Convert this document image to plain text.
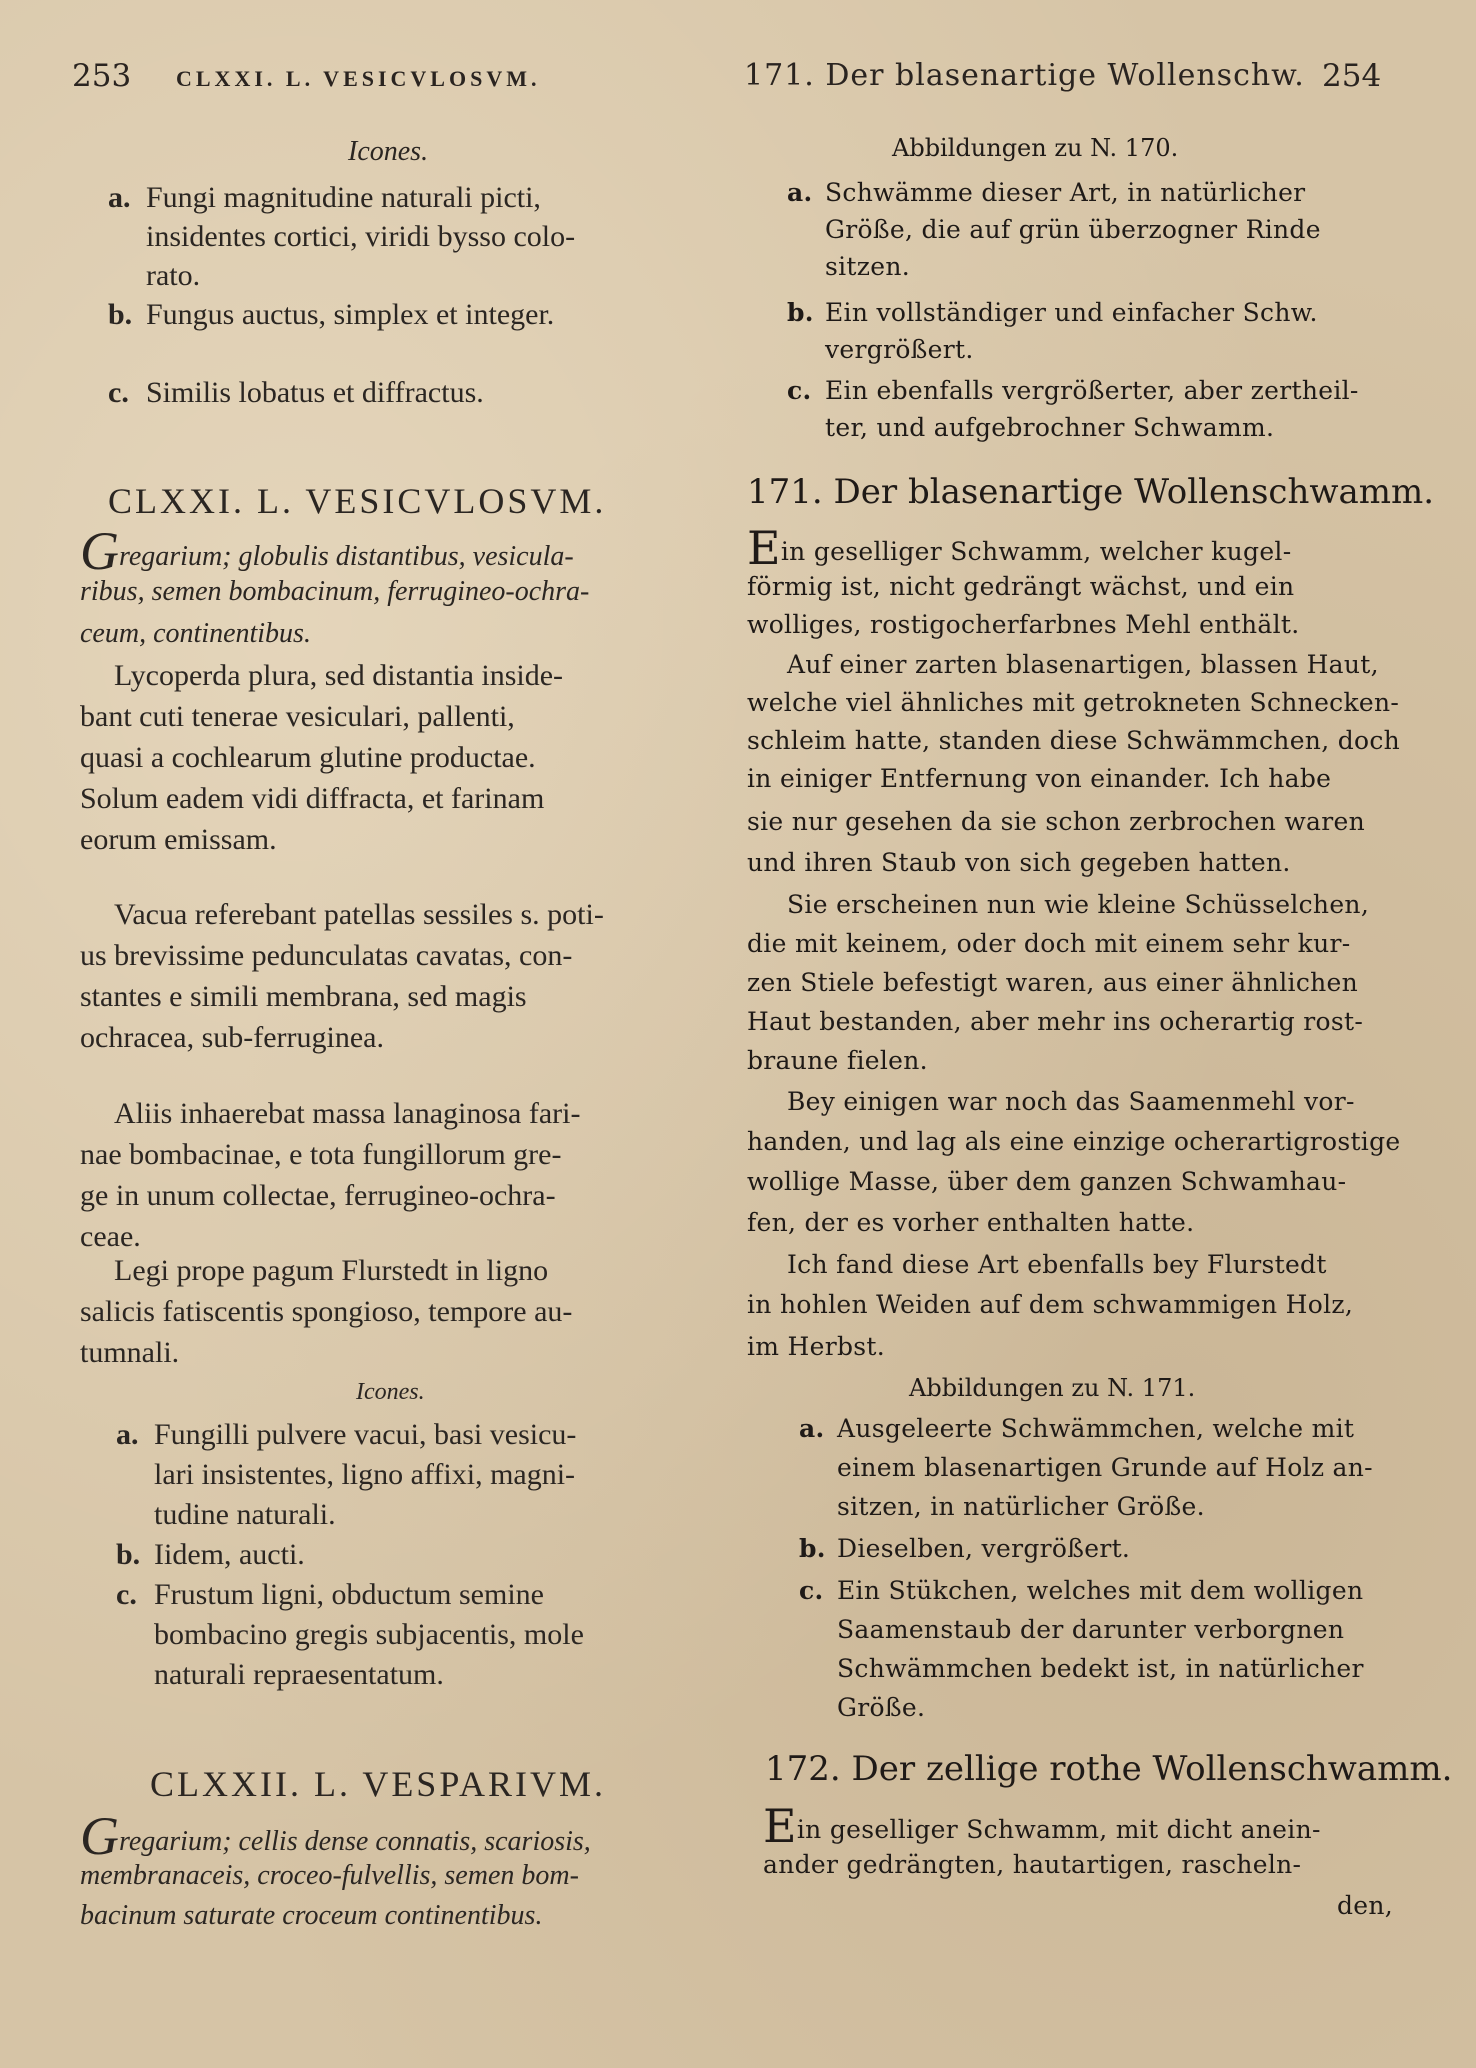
253 CLXXI. L. VESICVLOSVM.	171. Der blasenartige Wollenschw. 254
Icones.
a. Fungi magnitudine naturali picti,
insidentes cortici, viridi bysso colo-
rato.
b. Fungus auctus, simplex et integer.
c. Similis lobatus et diffractus.
CLXXI. L. VESICVLOSVM.
Gregarium; globulis distantibus, vesicula-
ribus, semen bombacinum, ferrugineo-ochra-
ceum, continentibus.
Lycoperda plura, sed distantia inside-
bant cuti tenerae vesiculari, pallenti,
quasi a cochlearum glutine productae.
Solum eadem vidi diffracta, et farinam
eorum emissam.
Vacua referebant patellas sessiles s. poti-
us brevissime pedunculatas cavatas, con-
stantes e simili membrana, sed magis
ochracea, sub-ferruginea.
Aliis inhaerebat massa lanaginosa fari-
nae bombacinae, e tota fungillorum gre-
ge in unum collectae, ferrugineo-ochra-
ceae.
Legi prope pagum Flurstedt in ligno
salicis fatiscentis spongioso, tempore au-
tumnali.
Icones.
a. Fungilli pulvere vacui, basi vesicu-
lari insistentes, ligno affixi, magni-
tudine naturali.
b. Iidem, aucti.
c. Frustum ligni, obductum semine
bombacino gregis subjacentis, mole
naturali repraesentatum.
CLXXII. L. VESPARIVM.
Gregarium; cellis dense connatis, scariosis,
membranaceis, croceo-fulvellis, semen bom-
bacinum saturate croceum continentibus.
Abbildungen zu N. 170.
a. Schwämme dieser Art, in natürlicher
Größe, die auf grün überzogner Rinde
sitzen.
b. Ein vollständiger und einfacher Schw.
vergrößert.
c. Ein ebenfalls vergrößerter, aber zertheil-
ter, und aufgebrochner Schwamm.
171. Der blasenartige Wollenschwamm.
Ein geselliger Schwamm, welcher kugel-
förmig ist, nicht gedrängt wächst, und ein
wolliges, rostigocherfarbnes Mehl enthält.
Auf einer zarten blasenartigen, blassen Haut,
welche viel ähnliches mit getrokneten Schnecken-
schleim hatte, standen diese Schwämmchen, doch
in einiger Entfernung von einander. Ich habe
sie nur gesehen da sie schon zerbrochen waren
und ihren Staub von sich gegeben hatten.
Sie erscheinen nun wie kleine Schüsselchen,
die mit keinem, oder doch mit einem sehr kur-
zen Stiele befestigt waren, aus einer ähnlichen
Haut bestanden, aber mehr ins ocherartig rost-
braune fielen.
Bey einigen war noch das Saamenmehl vor-
handen, und lag als eine einzige ocherartigrostige
wollige Masse, über dem ganzen Schwamhau-
fen, der es vorher enthalten hatte.
Ich fand diese Art ebenfalls bey Flurstedt
in hohlen Weiden auf dem schwammigen Holz,
im Herbst.
Abbildungen zu N. 171.
a. Ausgeleerte Schwämmchen, welche mit
einem blasenartigen Grunde auf Holz an-
sitzen, in natürlicher Größe.
b. Dieselben, vergrößert.
c. Ein Stükchen, welches mit dem wolligen
Saamenstaub der darunter verborgnen
Schwämmchen bedekt ist, in natürlicher
Größe.
172. Der zellige rothe Wollenschwamm.
Ein geselliger Schwamm, mit dicht anein-
ander gedrängten, hautartigen, rascheln-
den,
